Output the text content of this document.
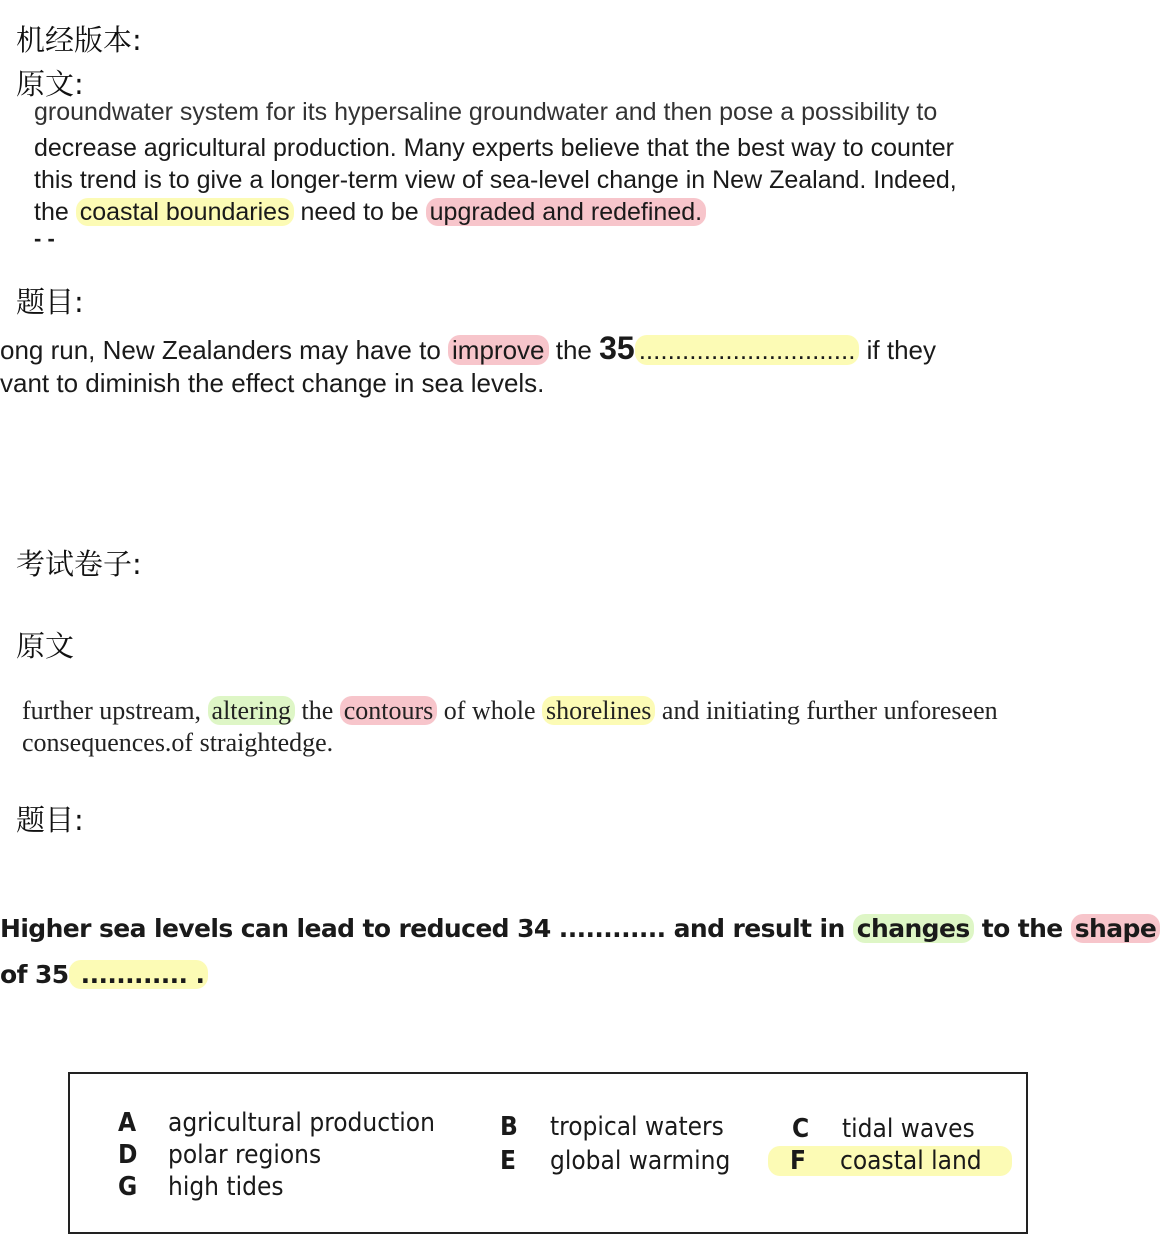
机经版本:
原文:
groundwater system for its hypersaline groundwater and then pose a possibility to
decrease agricultural production. Many experts believe that the best way to counter
this trend is to give a longer-term view of sea-level change in New Zealand. Indeed,
the coastal boundaries need to be upgraded and redefined.
- -
题目:
ong run, New Zealanders may have to improve the 35 .............................. if they
vant to diminish the effect change in sea levels.
考试卷子:
原文
further upstream, altering the contours of whole shorelines and initiating further unforeseen
consequences.of straightedge.
题目:
Higher sea levels can lead to reduced 34 ............ and result in changes to the shape
of 35 ............ .
A agricultural production
D polar regions
G high tides
B tropical waters
E global warming
C tidal waves
F coastal land
